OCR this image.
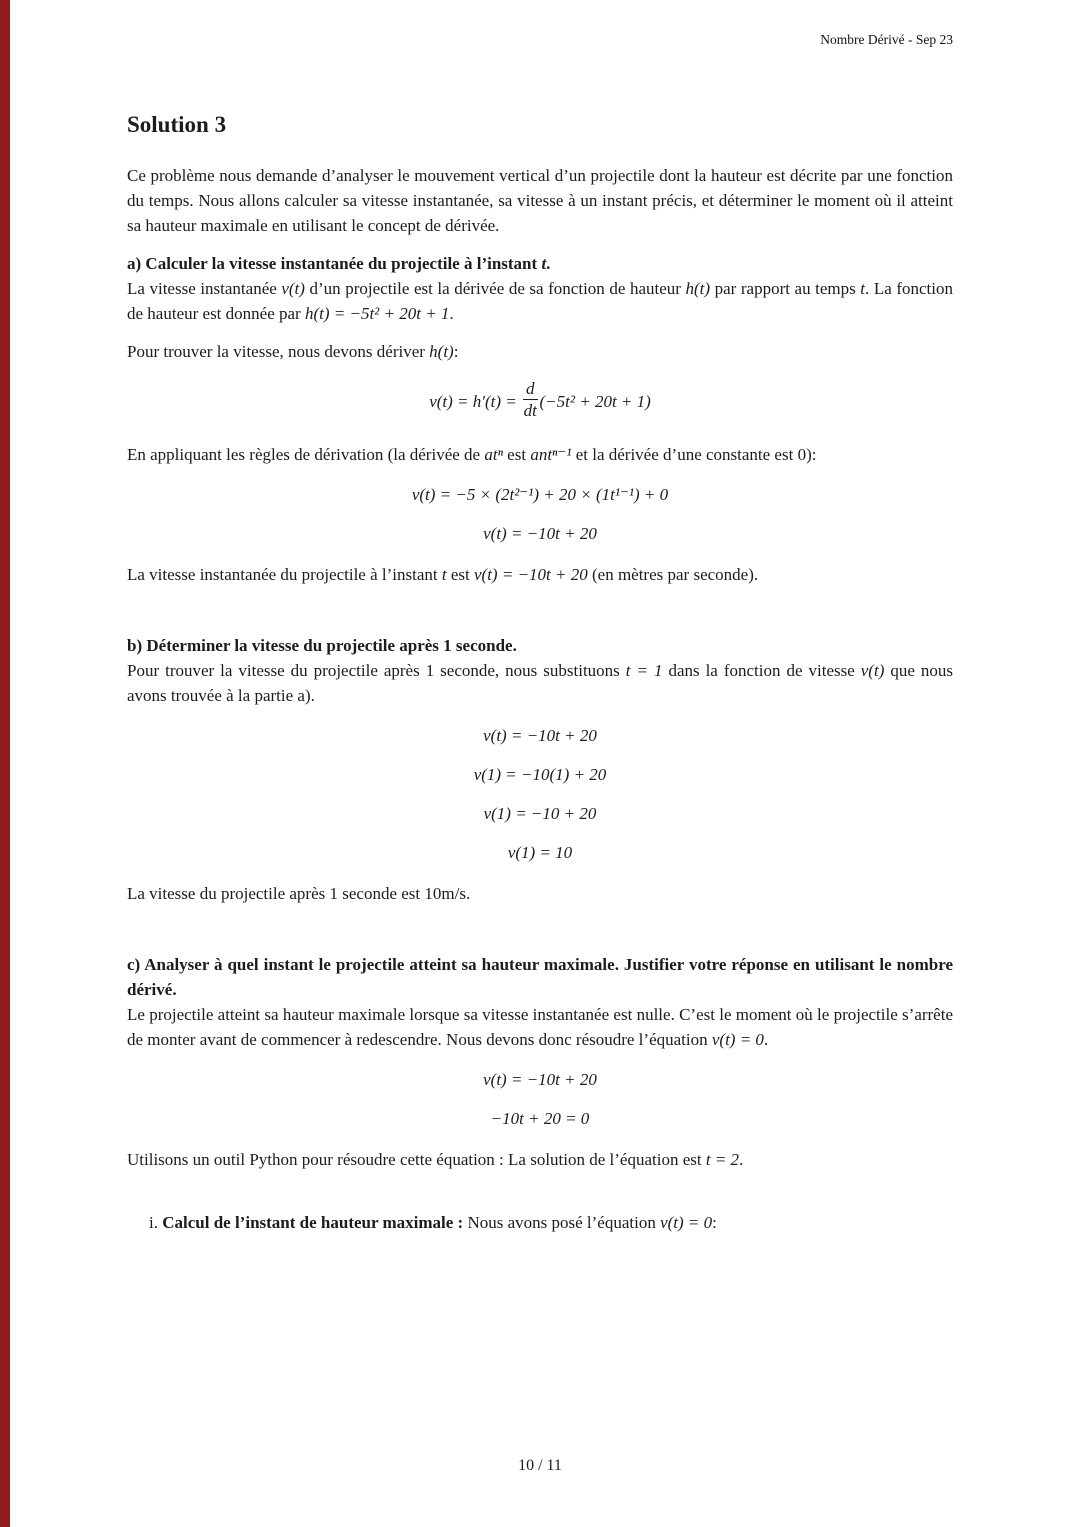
Nombre Dérivé - Sep 23
Solution 3

Ce problème nous demande d’analyser le mouvement vertical d’un projectile dont la hauteur est décrite par une fonction du temps. Nous allons calculer sa vitesse instantanée, sa vitesse à un instant précis, et déterminer le moment où il atteint sa hauteur maximale en utilisant le concept de dérivée.

a) Calculer la vitesse instantanée du projectile à l’instant t.

La vitesse instantanée v(t) d’un projectile est la dérivée de sa fonction de hauteur h(t) par rapport au temps t. La fonction de hauteur est donnée par h(t) = −5t² + 20t + 1.

Pour trouver la vitesse, nous devons dériver h(t):

$v(t) = h'(t) = \frac{d}{dt} (-5t^2 + 20t + 1)$

En appliquant les règles de dérivation (la dérivée de atⁿ est antⁿ⁻¹ et la dérivée d’une constante est 0):

v(t) = −5 × (2t²⁻¹) + 20 × (1t¹⁻¹) + 0
v(t) = −10t + 20

La vitesse instantanée du projectile à l’instant t est v(t) = −10t + 20 (en mètres par seconde).

b) Déterminer la vitesse du projectile après 1 seconde.

Pour trouver la vitesse du projectile après 1 seconde, nous substituons t = 1 dans la fonction de vitesse v(t) que nous avons trouvée à la partie a).

v(t) = −10t + 20
v(1) = −10(1) + 20
v(1) = −10 + 20
v(1) = 10

La vitesse du projectile après 1 seconde est 10m/s.

c) Analyser à quel instant le projectile atteint sa hauteur maximale. Justifier votre réponse en utilisant le nombre dérivé.

Le projectile atteint sa hauteur maximale lorsque sa vitesse instantanée est nulle. C’est le moment où le projectile s’arrête de monter avant de commencer à redescendre. Nous devons donc résoudre l’équation v(t) = 0.

v(t) = −10t + 20
−10t + 20 = 0

Utilisons un outil Python pour résoudre cette équation : La solution de l’équation est t = 2.

i. Calcul de l’instant de hauteur maximale : Nous avons posé l’équation v(t) = 0:

10 / 11
